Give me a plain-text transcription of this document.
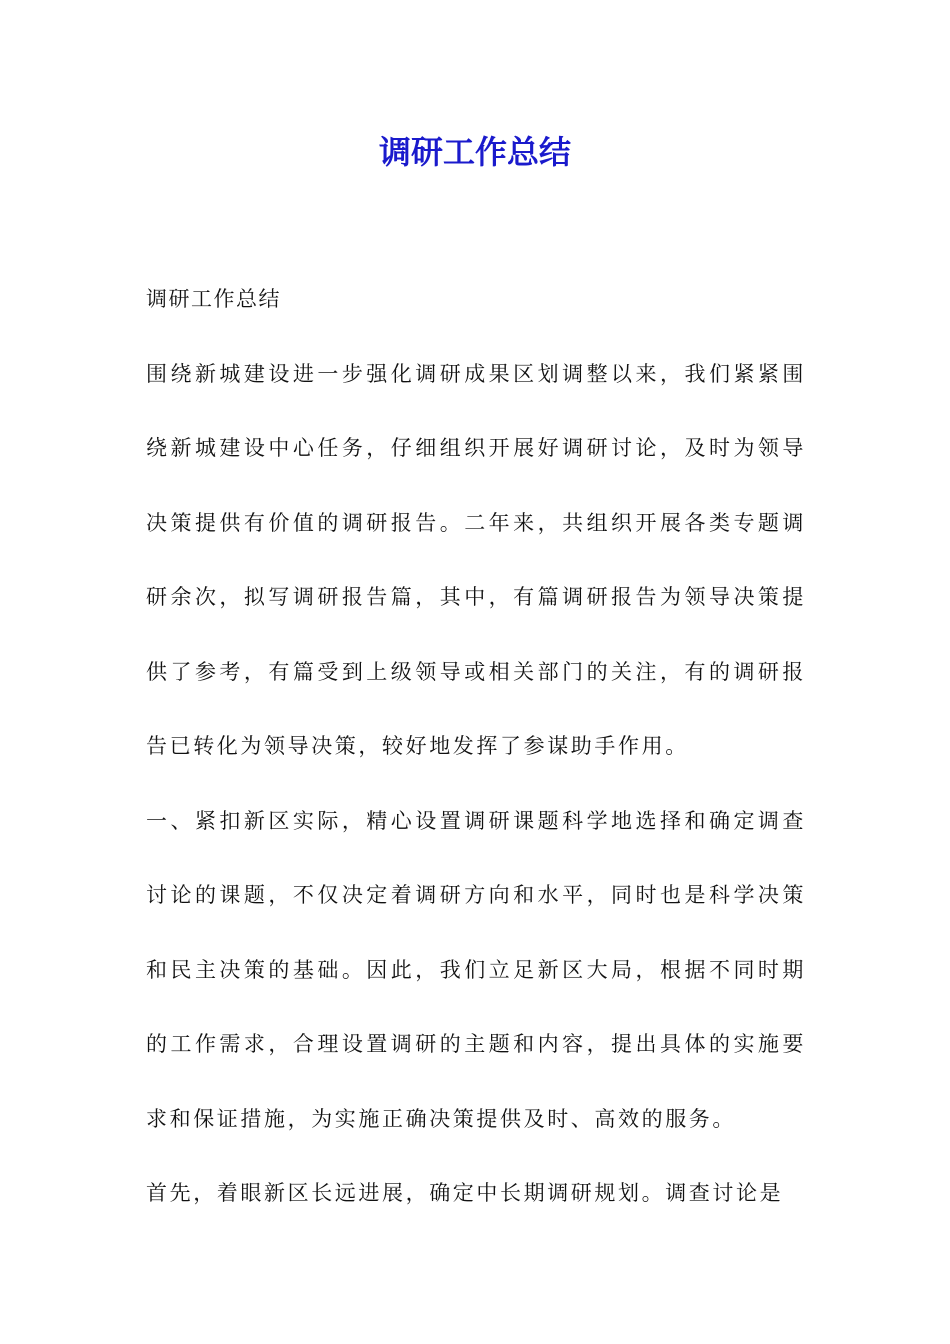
调研工作总结

调研工作总结

围绕新城建设进一步强化调研成果区划调整以来，我们紧紧围绕新城建设中心任务，仔细组织开展好调研讨论，及时为领导决策提供有价值的调研报告。二年来，共组织开展各类专题调研余次，拟写调研报告篇，其中，有篇调研报告为领导决策提供了参考，有篇受到上级领导或相关部门的关注，有的调研报告已转化为领导决策，较好地发挥了参谋助手作用。

一、紧扣新区实际，精心设置调研课题科学地选择和确定调查讨论的课题，不仅决定着调研方向和水平，同时也是科学决策和民主决策的基础。因此，我们立足新区大局，根据不同时期的工作需求，合理设置调研的主题和内容，提出具体的实施要求和保证措施，为实施正确决策提供及时、高效的服务。

首先，着眼新区长远进展，确定中长期调研规划。调查讨论是
